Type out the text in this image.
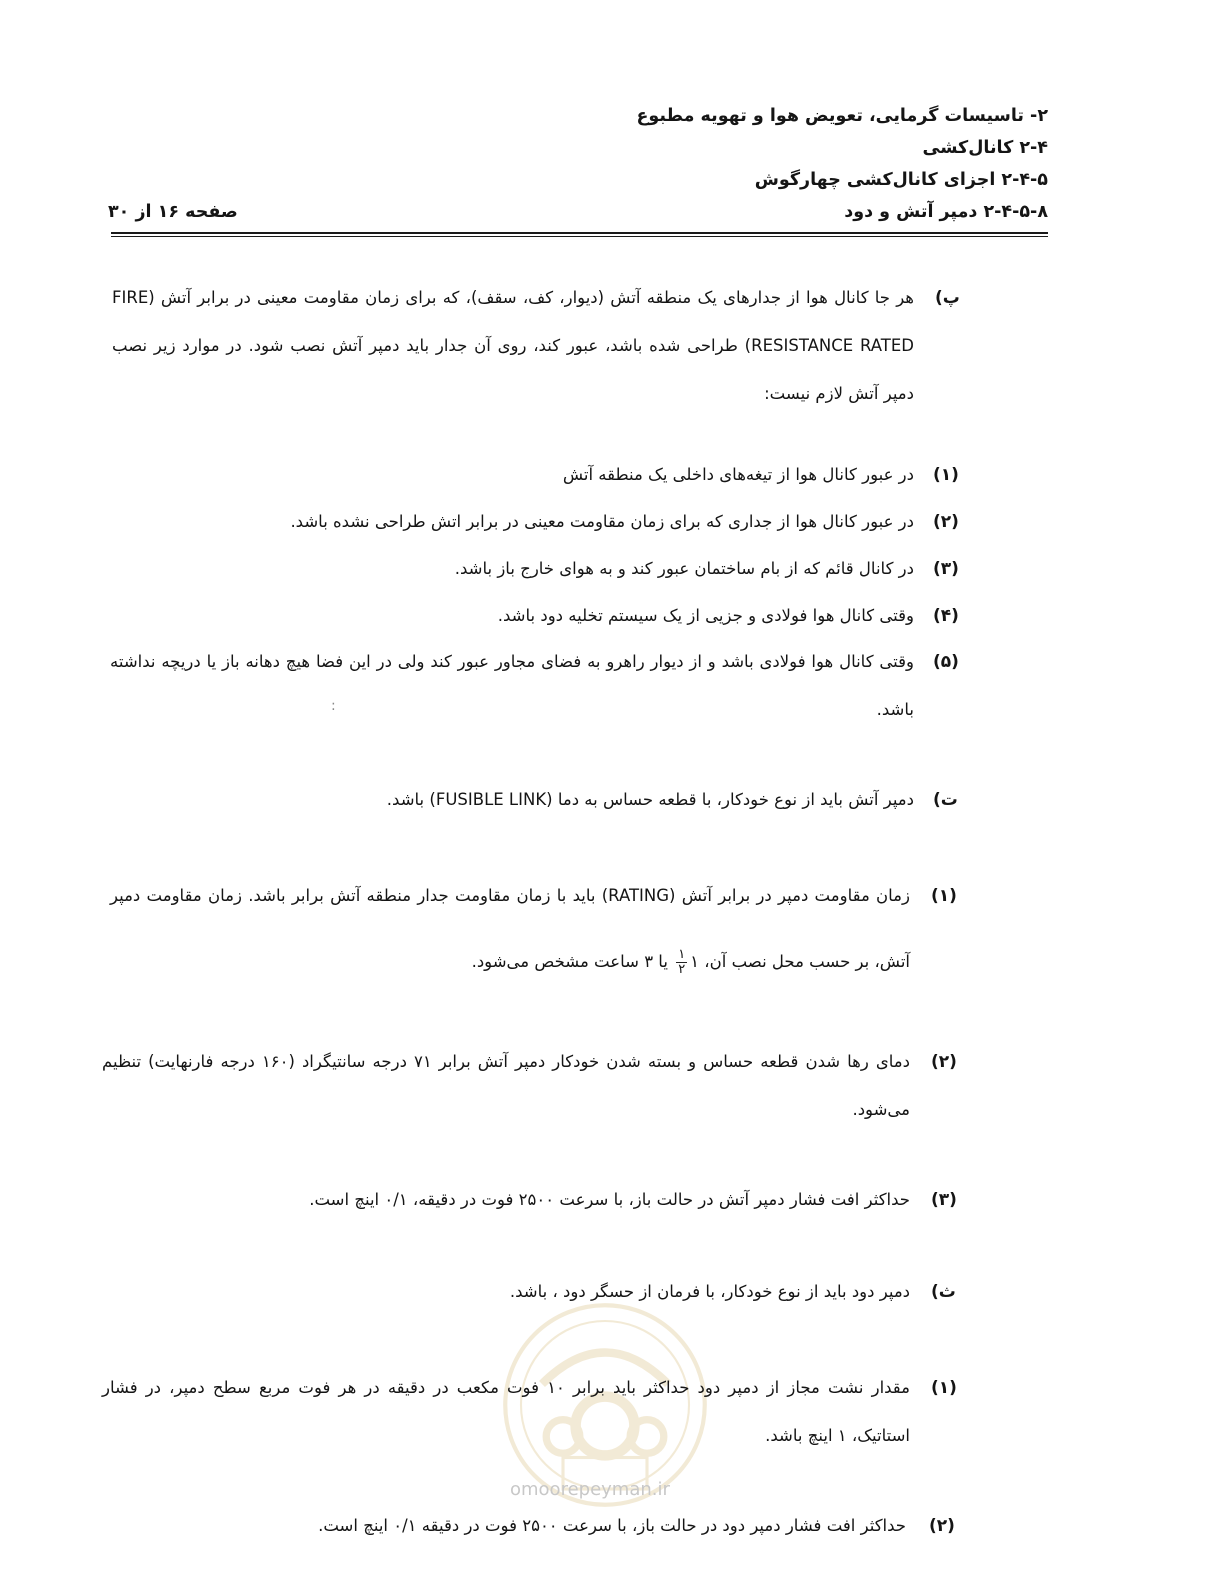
۲- تاسیسات گرمایی، تعویض هوا و تهویه مطبوع
۲-۴ کانال‌کشی
۲-۴-۵ اجزای کانال‌کشی چهارگوش
۲-۴-۵-۸ دمپر آتش و دود
صفحه ۱۶ از ۳۰
پ)
هر جا کانال هوا از جدارهای یک منطقه آتش (دیوار، کف، سقف)، که برای زمان مقاومت معینی در برابر آتش (FIRE RESISTANCE RATED) طراحی شده باشد، عبور کند، روی آن جدار باید دمپر آتش نصب شود. در موارد زیر نصب دمپر آتش لازم نیست:
(۱)
در عبور کانال هوا از تیغه‌های داخلی یک منطقه آتش
(۲)
در عبور کانال هوا از جداری که برای زمان مقاومت معینی در برابر اتش طراحی نشده باشد.
(۳)
در کانال قائم که از بام ساختمان عبور کند و به هوای خارج باز باشد.
(۴)
وقتی کانال هوا فولادی و جزیی از یک سیستم تخلیه دود باشد.
(۵)
وقتی کانال هوا فولادی باشد و از دیوار راهرو به فضای مجاور عبور کند ولی در این فضا هیچ دهانه باز یا دریچه نداشته باشد.
:
ت)
دمپر آتش باید از نوع خودکار، با قطعه حساس به دما (FUSIBLE LINK) باشد.
(۱)
زمان مقاومت دمپر در برابر آتش (RATING) باید با زمان مقاومت جدار منطقه آتش برابر باشد. زمان مقاومت دمپر
آتش، بر حسب محل نصب آن، ۱
$\frac{۱}{۲}$
یا ۳ ساعت مشخص می‌شود.
(۲)
دمای رها شدن قطعه حساس و بسته شدن خودکار دمپر آتش برابر ۷۱ درجه سانتیگراد (۱۶۰ درجه فارنهایت) تنظیم می‌شود.
(۳)
حداکثر افت فشار دمپر آتش در حالت باز، با سرعت ۲۵۰۰ فوت در دقیقه، ۰/۱ اینچ است.
omoorepeyman.ir
ث)
دمپر دود باید از نوع خودکار، با فرمان از حسگر دود ، باشد.
(۱)
مقدار نشت مجاز از دمپر دود حداکثر باید برابر ۱۰ فوت مکعب در دقیقه در هر فوت مربع سطح دمپر، در فشار استاتیک، ۱ اینچ باشد.
(۲)
حداکثر افت فشار دمپر دود در حالت باز، با سرعت ۲۵۰۰ فوت در دقیقه ۰/۱ اینچ است.
